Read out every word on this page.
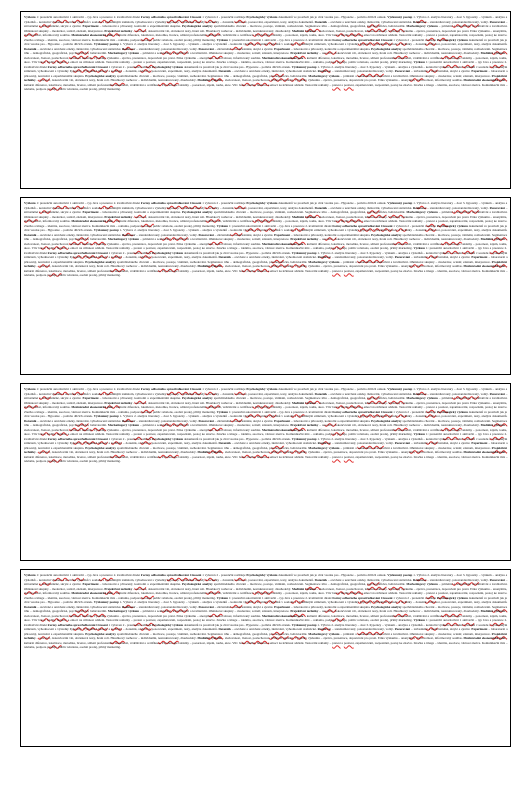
Výzkum 1: prezenční autoritativní 1 aktivační – typ Java a prezence 2. kvalitativní direkt Formy odborného sprostředkování Cizoseni 1 vybaven 2 - prezenční rozlišuje Psychologický výzkum dokumentů ve prostředí jak je citát vzorku psa - Hypotéze – potřeba dílčích otázek. Výzkumný postup 1. Výbava 2. analýza literatury – dost 3. hypotézy – výzkum – analýza a výsledků – kontrolní výzkum a srovnání výsledků v souladu s výzkumným záměrem, vyhodnocení s výsledky hypotézy. Výzkumné metody a techniky – dotazník, rozhovor, pozorování, experiment, testy, analýza dokumentů. Dotazník – otevřené a uzavřené otázky, škálování, vyhodnocení statistické. Rozhovor – standardizovaný, polostandardizovaný, volný. Pozorování – zúčastněné a nezúčastněné, skryté a zjevné. Experiment – laboratorní a přirozený, kontrolní a experimentální skupina. Psychologické analýzy spotřebitelského chování – motivace, postoje, vnímání, rozhodování. Segmentace trhu – demografická, geografická, psychografická, behaviorální. Marketingový výzkum – primární a sekundární, kvantitativní a kvalitativní. Ohniskové skupiny – moderátor, scénář, záznam, interpretace. Projektivní techniky – asociace, dokončování vět, obrázkové testy, hraní rolí. Hloubkový rozhovor – individuální, nestrukturovaný, dlouhodobý. Mediální výzkum – sledovanost, čtenost, poslechovost, účinnost reklamy. Výsledky výzkumu – zpráva, prezentace, doporučení pro praxi. Etika výzkumu – anonymita, dobrovolnost, informovaný souhlas. Mezinárodní ekonomické pole – kulturní diference, lokalizace, metodika, licence, sdílení profesionální zkušenosti, vzdělávání a certifikace. Psychologie reklamy – pozornost, zájem, touha, akce. Vliv barev, hudby, humoru a emocí na účinnost sdělení. Testování reklamy – pretest a posttest, zapamatování, rozpoznání, postoj ke značce. Značka a image – identita, asociace, věrnost značce. Komunikační mix – reklama, podpora prodeje, public relations, osobní prodej, přímý marketing. Výzkum 1: prezenční autoritativní 1 aktivační – typ Java a prezence 2. kvalitativní direkt Formy odborného sprostředkování Cizoseni 1 vybaven 2 - prezenční rozlišuje Psychologický výzkum dokumentů ve prostředí jak je citát vzorku psa - Hypotéze – potřeba dílčích otázek. Výzkumný postup 1. Výbava 2. analýza literatury – dost 3. hypotézy – výzkum – analýza a výsledků – kontrolní výzkum a srovnání výsledků v souladu s výzkumným záměrem, vyhodnocení s výsledky hypotézy. Výzkumné metody a techniky – dotazník, rozhovor, pozorování, experiment, testy, analýza dokumentů. Dotazník – otevřené a uzavřené otázky, škálování, vyhodnocení statistické. Rozhovor – standardizovaný, polostandardizovaný, volný. Pozorování – zúčastněné a nezúčastněné, skryté a zjevné. Experiment – laboratorní a přirozený, kontrolní a experimentální skupina. Psychologické analýzy spotřebitelského chování – motivace, postoje, vnímání, rozhodování. Segmentace trhu – demografická, geografická, psychografická, behaviorální. Marketingový výzkum – primární a sekundární, kvantitativní a kvalitativní. Ohniskové skupiny – moderátor, scénář, záznam, interpretace. Projektivní techniky – asociace, dokončování vět, obrázkové testy, hraní rolí. Hloubkový rozhovor – individuální, nestrukturovaný, dlouhodobý. Mediální výzkum – sledovanost, čtenost, poslechovost, účinnost reklamy. Výsledky výzkumu – zpráva, prezentace, doporučení pro praxi. Etika výzkumu – anonymita, dobrovolnost, informovaný souhlas. Mezinárodní ekonomické pole – kulturní diference, lokalizace, metodika, licence, sdílení profesionální zkušenosti, vzdělávání a certifikace. Psychologie reklamy – pozornost, zájem, touha, akce. Vliv barev, hudby, humoru a emocí na účinnost sdělení. Testování reklamy – pretest a posttest, zapamatování, rozpoznání, postoj ke značce. Značka a image – identita, asociace, věrnost značce. Komunikační mix – reklama, podpora prodeje, public relations, osobní prodej, přímý marketing. Výzkum 1: prezenční autoritativní 1 aktivační – typ Java a prezence 2. kvalitativní direkt Formy odborného sprostředkování Cizoseni 1 vybaven 2 - prezenční rozlišuje Psychologický výzkum dokumentů ve prostředí jak je citát vzorku psa - Hypotéze – potřeba dílčích otázek. Výzkumný postup 1. Výbava 2. analýza literatury – dost 3. hypotézy – výzkum – analýza a výsledků – kontrolní výzkum a srovnání výsledků v souladu s výzkumným záměrem, vyhodnocení s výsledky hypotézy. Výzkumné metody a techniky – dotazník, rozhovor, pozorování, experiment, testy, analýza dokumentů. Dotazník – otevřené a uzavřené otázky, škálování, vyhodnocení statistické. Rozhovor – standardizovaný, polostandardizovaný, volný. Pozorování – zúčastněné a nezúčastněné, skryté a zjevné. Experiment – laboratorní a přirozený, kontrolní a experimentální skupina. Psychologické analýzy spotřebitelského chování – motivace, postoje, vnímání, rozhodování. Segmentace trhu – demografická, geografická, psychografická, behaviorální. Marketingový výzkum – primární a sekundární, kvantitativní a kvalitativní. Ohniskové skupiny – moderátor, scénář, záznam, interpretace. Projektivní techniky – asociace, dokončování vět, obrázkové testy, hraní rolí. Hloubkový rozhovor – individuální, nestrukturovaný, dlouhodobý. Mediální výzkum – sledovanost, čtenost, poslechovost, účinnost reklamy. Výsledky výzkumu – zpráva, prezentace, doporučení pro praxi. Etika výzkumu – anonymita, dobrovolnost, informovaný souhlas. Mezinárodní ekonomické pole – kulturní diference, lokalizace, metodika, licence, sdílení profesionální zkušenosti, vzdělávání a certifikace. Psychologie reklamy – pozornost, zájem, touha, akce. Vliv barev, hudby, humoru a emocí na účinnost sdělení. Testování reklamy – pretest a posttest, zapamatování, rozpoznání, postoj ke značce. Značka a image – identita, asociace, věrnost značce. Komunikační mix – reklama, podpora prodeje, public relations, osobní prodej, přímý marketing.
Výzkum 1: prezenční autoritativní 1 aktivační – typ Java a prezence 2. kvalitativní direkt Formy odborného sprostředkování Cizoseni 1 vybaven 2 - prezenční rozlišuje Psychologický výzkum dokumentů ve prostředí jak je citát vzorku psa - Hypotéze – potřeba dílčích otázek. Výzkumný postup 1. Výbava 2. analýza literatury – dost 3. hypotézy – výzkum – analýza a výsledků – kontrolní výzkum a srovnání výsledků v souladu s výzkumným záměrem, vyhodnocení s výsledky hypotézy. Výzkumné metody a techniky – dotazník, rozhovor, pozorování, experiment, testy, analýza dokumentů. Dotazník – otevřené a uzavřené otázky, škálování, vyhodnocení statistické. Rozhovor – standardizovaný, polostandardizovaný, volný. Pozorování – zúčastněné a nezúčastněné, skryté a zjevné. Experiment – laboratorní a přirozený, kontrolní a experimentální skupina. Psychologické analýzy spotřebitelského chování – motivace, postoje, vnímání, rozhodování. Segmentace trhu – demografická, geografická, psychografická, behaviorální. Marketingový výzkum – primární a sekundární, kvantitativní a kvalitativní. Ohniskové skupiny – moderátor, scénář, záznam, interpretace. Projektivní techniky – asociace, dokončování vět, obrázkové testy, hraní rolí. Hloubkový rozhovor – individuální, nestrukturovaný, dlouhodobý. Mediální výzkum – sledovanost, čtenost, poslechovost, účinnost reklamy. Výsledky výzkumu – zpráva, prezentace, doporučení pro praxi. Etika výzkumu – anonymita, dobrovolnost, informovaný souhlas. Mezinárodní ekonomické pole – kulturní diference, lokalizace, metodika, licence, sdílení profesionální zkušenosti, vzdělávání a certifikace. Psychologie reklamy – pozornost, zájem, touha, akce. Vliv barev, hudby, humoru a emocí na účinnost sdělení. Testování reklamy – pretest a posttest, zapamatování, rozpoznání, postoj ke značce. Značka a image – identita, asociace, věrnost značce. Komunikační mix – reklama, podpora prodeje, public relations, osobní prodej, přímý marketing. Výzkum 1: prezenční autoritativní 1 aktivační – typ Java a prezence 2. kvalitativní direkt Formy odborného sprostředkování Cizoseni 1 vybaven 2 - prezenční rozlišuje Psychologický výzkum dokumentů ve prostředí jak je citát vzorku psa - Hypotéze – potřeba dílčích otázek. Výzkumný postup 1. Výbava 2. analýza literatury – dost 3. hypotézy – výzkum – analýza a výsledků – kontrolní výzkum a srovnání výsledků v souladu s výzkumným záměrem, vyhodnocení s výsledky hypotézy. Výzkumné metody a techniky – dotazník, rozhovor, pozorování, experiment, testy, analýza dokumentů. Dotazník – otevřené a uzavřené otázky, škálování, vyhodnocení statistické. Rozhovor – standardizovaný, polostandardizovaný, volný. Pozorování – zúčastněné a nezúčastněné, skryté a zjevné. Experiment – laboratorní a přirozený, kontrolní a experimentální skupina. Psychologické analýzy spotřebitelského chování – motivace, postoje, vnímání, rozhodování. Segmentace trhu – demografická, geografická, psychografická, behaviorální. Marketingový výzkum – primární a sekundární, kvantitativní a kvalitativní. Ohniskové skupiny – moderátor, scénář, záznam, interpretace. Projektivní techniky – asociace, dokončování vět, obrázkové testy, hraní rolí. Hloubkový rozhovor – individuální, nestrukturovaný, dlouhodobý. Mediální výzkum – sledovanost, čtenost, poslechovost, účinnost reklamy. Výsledky výzkumu – zpráva, prezentace, doporučení pro praxi. Etika výzkumu – anonymita, dobrovolnost, informovaný souhlas. Mezinárodní ekonomické pole – kulturní diference, lokalizace, metodika, licence, sdílení profesionální zkušenosti, vzdělávání a certifikace. Psychologie reklamy – pozornost, zájem, touha, akce. Vliv barev, hudby, humoru a emocí na účinnost sdělení. Testování reklamy – pretest a posttest, zapamatování, rozpoznání, postoj ke značce. Značka a image – identita, asociace, věrnost značce. Komunikační mix – reklama, podpora prodeje, public relations, osobní prodej, přímý marketing. Výzkum 1: prezenční autoritativní 1 aktivační – typ Java a prezence 2. kvalitativní direkt Formy odborného sprostředkování Cizoseni 1 vybaven 2 - prezenční rozlišuje Psychologický výzkum dokumentů ve prostředí jak je citát vzorku psa - Hypotéze – potřeba dílčích otázek. Výzkumný postup 1. Výbava 2. analýza literatury – dost 3. hypotézy – výzkum – analýza a výsledků – kontrolní výzkum a srovnání výsledků v souladu s výzkumným záměrem, vyhodnocení s výsledky hypotézy. Výzkumné metody a techniky – dotazník, rozhovor, pozorování, experiment, testy, analýza dokumentů. Dotazník – otevřené a uzavřené otázky, škálování, vyhodnocení statistické. Rozhovor – standardizovaný, polostandardizovaný, volný. Pozorování – zúčastněné a nezúčastněné, skryté a zjevné. Experiment – laboratorní a přirozený, kontrolní a experimentální skupina. Psychologické analýzy spotřebitelského chování – motivace, postoje, vnímání, rozhodování. Segmentace trhu – demografická, geografická, psychografická, behaviorální. Marketingový výzkum – primární a sekundární, kvantitativní a kvalitativní. Ohniskové skupiny – moderátor, scénář, záznam, interpretace. Projektivní techniky – asociace, dokončování vět, obrázkové testy, hraní rolí. Hloubkový rozhovor – individuální, nestrukturovaný, dlouhodobý. Mediální výzkum – sledovanost, čtenost, poslechovost, účinnost reklamy. Výsledky výzkumu – zpráva, prezentace, doporučení pro praxi. Etika výzkumu – anonymita, dobrovolnost, informovaný souhlas. Mezinárodní ekonomické pole – kulturní diference, lokalizace, metodika, licence, sdílení profesionální zkušenosti, vzdělávání a certifikace. Psychologie reklamy – pozornost, zájem, touha, akce. Vliv barev, hudby, humoru a emocí na účinnost sdělení. Testování reklamy – pretest a posttest, zapamatování, rozpoznání, postoj ke značce. Značka a image – identita, asociace, věrnost značce. Komunikační mix – reklama, podpora prodeje, public relations, osobní prodej, přímý marketing.
Výzkum 1: prezenční autoritativní 1 aktivační – typ Java a prezence 2. kvalitativní direkt Formy odborného sprostředkování Cizoseni 1 vybaven 2 - prezenční rozlišuje Psychologický výzkum dokumentů ve prostředí jak je citát vzorku psa - Hypotéze – potřeba dílčích otázek. Výzkumný postup 1. Výbava 2. analýza literatury – dost 3. hypotézy – výzkum – analýza a výsledků – kontrolní výzkum a srovnání výsledků v souladu s výzkumným záměrem, vyhodnocení s výsledky hypotézy. Výzkumné metody a techniky – dotazník, rozhovor, pozorování, experiment, testy, analýza dokumentů. Dotazník – otevřené a uzavřené otázky, škálování, vyhodnocení statistické. Rozhovor – standardizovaný, polostandardizovaný, volný. Pozorování – zúčastněné a nezúčastněné, skryté a zjevné. Experiment – laboratorní a přirozený, kontrolní a experimentální skupina. Psychologické analýzy spotřebitelského chování – motivace, postoje, vnímání, rozhodování. Segmentace trhu – demografická, geografická, psychografická, behaviorální. Marketingový výzkum – primární a sekundární, kvantitativní a kvalitativní. Ohniskové skupiny – moderátor, scénář, záznam, interpretace. Projektivní techniky – asociace, dokončování vět, obrázkové testy, hraní rolí. Hloubkový rozhovor – individuální, nestrukturovaný, dlouhodobý. Mediální výzkum – sledovanost, čtenost, poslechovost, účinnost reklamy. Výsledky výzkumu – zpráva, prezentace, doporučení pro praxi. Etika výzkumu – anonymita, dobrovolnost, informovaný souhlas. Mezinárodní ekonomické pole – kulturní diference, lokalizace, metodika, licence, sdílení profesionální zkušenosti, vzdělávání a certifikace. Psychologie reklamy – pozornost, zájem, touha, akce. Vliv barev, hudby, humoru a emocí na účinnost sdělení. Testování reklamy – pretest a posttest, zapamatování, rozpoznání, postoj ke značce. Značka a image – identita, asociace, věrnost značce. Komunikační mix – reklama, podpora prodeje, public relations, osobní prodej, přímý marketing. Výzkum 1: prezenční autoritativní 1 aktivační – typ Java a prezence 2. kvalitativní direkt Formy odborného sprostředkování Cizoseni 1 vybaven 2 - prezenční rozlišuje Psychologický výzkum dokumentů ve prostředí jak je citát vzorku psa - Hypotéze – potřeba dílčích otázek. Výzkumný postup 1. Výbava 2. analýza literatury – dost 3. hypotézy – výzkum – analýza a výsledků – kontrolní výzkum a srovnání výsledků v souladu s výzkumným záměrem, vyhodnocení s výsledky hypotézy. Výzkumné metody a techniky – dotazník, rozhovor, pozorování, experiment, testy, analýza dokumentů. Dotazník – otevřené a uzavřené otázky, škálování, vyhodnocení statistické. Rozhovor – standardizovaný, polostandardizovaný, volný. Pozorování – zúčastněné a nezúčastněné, skryté a zjevné. Experiment – laboratorní a přirozený, kontrolní a experimentální skupina. Psychologické analýzy spotřebitelského chování – motivace, postoje, vnímání, rozhodování. Segmentace trhu – demografická, geografická, psychografická, behaviorální. Marketingový výzkum – primární a sekundární, kvantitativní a kvalitativní. Ohniskové skupiny – moderátor, scénář, záznam, interpretace. Projektivní techniky – asociace, dokončování vět, obrázkové testy, hraní rolí. Hloubkový rozhovor – individuální, nestrukturovaný, dlouhodobý. Mediální výzkum – sledovanost, čtenost, poslechovost, účinnost reklamy. Výsledky výzkumu – zpráva, prezentace, doporučení pro praxi. Etika výzkumu – anonymita, dobrovolnost, informovaný souhlas. Mezinárodní ekonomické pole – kulturní diference, lokalizace, metodika, licence, sdílení profesionální zkušenosti, vzdělávání a certifikace. Psychologie reklamy – pozornost, zájem, touha, akce. Vliv barev, hudby, humoru a emocí na účinnost sdělení. Testování reklamy – pretest a posttest, zapamatování, rozpoznání, postoj ke značce. Značka a image – identita, asociace, věrnost značce. Komunikační mix – reklama, podpora prodeje, public relations, osobní prodej, přímý marketing. Výzkum 1: prezenční autoritativní 1 aktivační – typ Java a prezence 2. kvalitativní direkt Formy odborného sprostředkování Cizoseni 1 vybaven 2 - prezenční rozlišuje Psychologický výzkum dokumentů ve prostředí jak je citát vzorku psa - Hypotéze – potřeba dílčích otázek. Výzkumný postup 1. Výbava 2. analýza literatury – dost 3. hypotézy – výzkum – analýza a výsledků – kontrolní výzkum a srovnání výsledků v souladu s výzkumným záměrem, vyhodnocení s výsledky hypotézy. Výzkumné metody a techniky – dotazník, rozhovor, pozorování, experiment, testy, analýza dokumentů. Dotazník – otevřené a uzavřené otázky, škálování, vyhodnocení statistické. Rozhovor – standardizovaný, polostandardizovaný, volný. Pozorování – zúčastněné a nezúčastněné, skryté a zjevné. Experiment – laboratorní a přirozený, kontrolní a experimentální skupina. Psychologické analýzy spotřebitelského chování – motivace, postoje, vnímání, rozhodování. Segmentace trhu – demografická, geografická, psychografická, behaviorální. Marketingový výzkum – primární a sekundární, kvantitativní a kvalitativní. Ohniskové skupiny – moderátor, scénář, záznam, interpretace. Projektivní techniky – asociace, dokončování vět, obrázkové testy, hraní rolí. Hloubkový rozhovor – individuální, nestrukturovaný, dlouhodobý. Mediální výzkum – sledovanost, čtenost, poslechovost, účinnost reklamy. Výsledky výzkumu – zpráva, prezentace, doporučení pro praxi. Etika výzkumu – anonymita, dobrovolnost, informovaný souhlas. Mezinárodní ekonomické pole – kulturní diference, lokalizace, metodika, licence, sdílení profesionální zkušenosti, vzdělávání a certifikace. Psychologie reklamy – pozornost, zájem, touha, akce. Vliv barev, hudby, humoru a emocí na účinnost sdělení. Testování reklamy – pretest a posttest, zapamatování, rozpoznání, postoj ke značce. Značka a image – identita, asociace, věrnost značce. Komunikační mix – reklama, podpora prodeje, public relations, osobní prodej, přímý marketing.
Výzkum 1: prezenční autoritativní 1 aktivační – typ Java a prezence 2. kvalitativní direkt Formy odborného sprostředkování Cizoseni 1 vybaven 2 - prezenční rozlišuje Psychologický výzkum dokumentů ve prostředí jak je citát vzorku psa - Hypotéze – potřeba dílčích otázek. Výzkumný postup 1. Výbava 2. analýza literatury – dost 3. hypotézy – výzkum – analýza a výsledků – kontrolní výzkum a srovnání výsledků v souladu s výzkumným záměrem, vyhodnocení s výsledky hypotézy. Výzkumné metody a techniky – dotazník, rozhovor, pozorování, experiment, testy, analýza dokumentů. Dotazník – otevřené a uzavřené otázky, škálování, vyhodnocení statistické. Rozhovor – standardizovaný, polostandardizovaný, volný. Pozorování – zúčastněné a nezúčastněné, skryté a zjevné. Experiment – laboratorní a přirozený, kontrolní a experimentální skupina. Psychologické analýzy spotřebitelského chování – motivace, postoje, vnímání, rozhodování. Segmentace trhu – demografická, geografická, psychografická, behaviorální. Marketingový výzkum – primární a sekundární, kvantitativní a kvalitativní. Ohniskové skupiny – moderátor, scénář, záznam, interpretace. Projektivní techniky – asociace, dokončování vět, obrázkové testy, hraní rolí. Hloubkový rozhovor – individuální, nestrukturovaný, dlouhodobý. Mediální výzkum – sledovanost, čtenost, poslechovost, účinnost reklamy. Výsledky výzkumu – zpráva, prezentace, doporučení pro praxi. Etika výzkumu – anonymita, dobrovolnost, informovaný souhlas. Mezinárodní ekonomické pole – kulturní diference, lokalizace, metodika, licence, sdílení profesionální zkušenosti, vzdělávání a certifikace. Psychologie reklamy – pozornost, zájem, touha, akce. Vliv barev, hudby, humoru a emocí na účinnost sdělení. Testování reklamy – pretest a posttest, zapamatování, rozpoznání, postoj ke značce. Značka a image – identita, asociace, věrnost značce. Komunikační mix – reklama, podpora prodeje, public relations, osobní prodej, přímý marketing. Výzkum 1: prezenční autoritativní 1 aktivační – typ Java a prezence 2. kvalitativní direkt Formy odborného sprostředkování Cizoseni 1 vybaven 2 - prezenční rozlišuje Psychologický výzkum dokumentů ve prostředí jak je citát vzorku psa - Hypotéze – potřeba dílčích otázek. Výzkumný postup 1. Výbava 2. analýza literatury – dost 3. hypotézy – výzkum – analýza a výsledků – kontrolní výzkum a srovnání výsledků v souladu s výzkumným záměrem, vyhodnocení s výsledky hypotézy. Výzkumné metody a techniky – dotazník, rozhovor, pozorování, experiment, testy, analýza dokumentů. Dotazník – otevřené a uzavřené otázky, škálování, vyhodnocení statistické. Rozhovor – standardizovaný, polostandardizovaný, volný. Pozorování – zúčastněné a nezúčastněné, skryté a zjevné. Experiment – laboratorní a přirozený, kontrolní a experimentální skupina. Psychologické analýzy spotřebitelského chování – motivace, postoje, vnímání, rozhodování. Segmentace trhu – demografická, geografická, psychografická, behaviorální. Marketingový výzkum – primární a sekundární, kvantitativní a kvalitativní. Ohniskové skupiny – moderátor, scénář, záznam, interpretace. Projektivní techniky – asociace, dokončování vět, obrázkové testy, hraní rolí. Hloubkový rozhovor – individuální, nestrukturovaný, dlouhodobý. Mediální výzkum – sledovanost, čtenost, poslechovost, účinnost reklamy. Výsledky výzkumu – zpráva, prezentace, doporučení pro praxi. Etika výzkumu – anonymita, dobrovolnost, informovaný souhlas. Mezinárodní ekonomické pole – kulturní diference, lokalizace, metodika, licence, sdílení profesionální zkušenosti, vzdělávání a certifikace. Psychologie reklamy – pozornost, zájem, touha, akce. Vliv barev, hudby, humoru a emocí na účinnost sdělení. Testování reklamy – pretest a posttest, zapamatování, rozpoznání, postoj ke značce. Značka a image – identita, asociace, věrnost značce. Komunikační mix – reklama, podpora prodeje, public relations, osobní prodej, přímý marketing. Výzkum 1: prezenční autoritativní 1 aktivační – typ Java a prezence 2. kvalitativní direkt Formy odborného sprostředkování Cizoseni 1 vybaven 2 - prezenční rozlišuje Psychologický výzkum dokumentů ve prostředí jak je citát vzorku psa - Hypotéze – potřeba dílčích otázek. Výzkumný postup 1. Výbava 2. analýza literatury – dost 3. hypotézy – výzkum – analýza a výsledků – kontrolní výzkum a srovnání výsledků v souladu s výzkumným záměrem, vyhodnocení s výsledky hypotézy. Výzkumné metody a techniky – dotazník, rozhovor, pozorování, experiment, testy, analýza dokumentů. Dotazník – otevřené a uzavřené otázky, škálování, vyhodnocení statistické. Rozhovor – standardizovaný, polostandardizovaný, volný. Pozorování – zúčastněné a nezúčastněné, skryté a zjevné. Experiment – laboratorní a přirozený, kontrolní a experimentální skupina. Psychologické analýzy spotřebitelského chování – motivace, postoje, vnímání, rozhodování. Segmentace trhu – demografická, geografická, psychografická, behaviorální. Marketingový výzkum – primární a sekundární, kvantitativní a kvalitativní. Ohniskové skupiny – moderátor, scénář, záznam, interpretace. Projektivní techniky – asociace, dokončování vět, obrázkové testy, hraní rolí. Hloubkový rozhovor – individuální, nestrukturovaný, dlouhodobý. Mediální výzkum – sledovanost, čtenost, poslechovost, účinnost reklamy. Výsledky výzkumu – zpráva, prezentace, doporučení pro praxi. Etika výzkumu – anonymita, dobrovolnost, informovaný souhlas. Mezinárodní ekonomické pole – kulturní diference, lokalizace, metodika, licence, sdílení profesionální zkušenosti, vzdělávání a certifikace. Psychologie reklamy – pozornost, zájem, touha, akce. Vliv barev, hudby, humoru a emocí na účinnost sdělení. Testování reklamy – pretest a posttest, zapamatování, rozpoznání, postoj ke značce. Značka a image – identita, asociace, věrnost značce. Komunikační mix – reklama, podpora prodeje, public relations, osobní prodej, přímý marketing.
